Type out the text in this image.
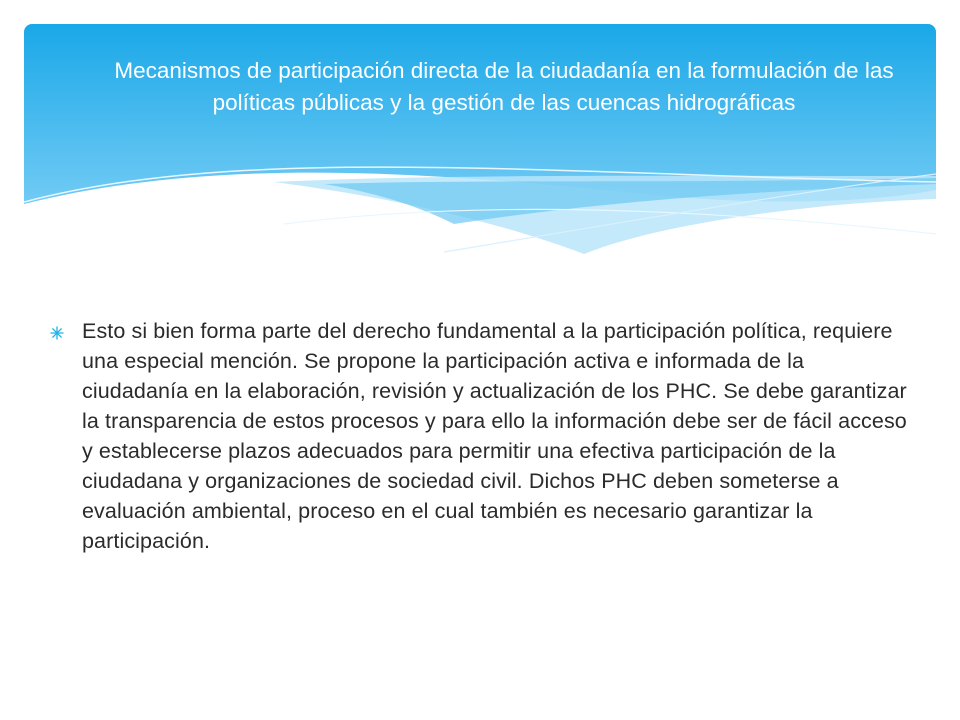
Mecanismos de participación directa de la ciudadanía en la formulación de las políticas públicas y la gestión de las cuencas hidrográficas

Esto si bien forma parte del derecho fundamental a la participación política, requiere una especial mención. Se propone la participación activa e informada de la ciudadanía en la elaboración, revisión y actualización de los PHC. Se debe garantizar la transparencia de estos procesos y para ello la información debe ser de fácil acceso y establecerse plazos adecuados para permitir una efectiva participación de la ciudadana y organizaciones de sociedad civil. Dichos PHC deben someterse a evaluación ambiental, proceso en el cual también es necesario garantizar la participación.
